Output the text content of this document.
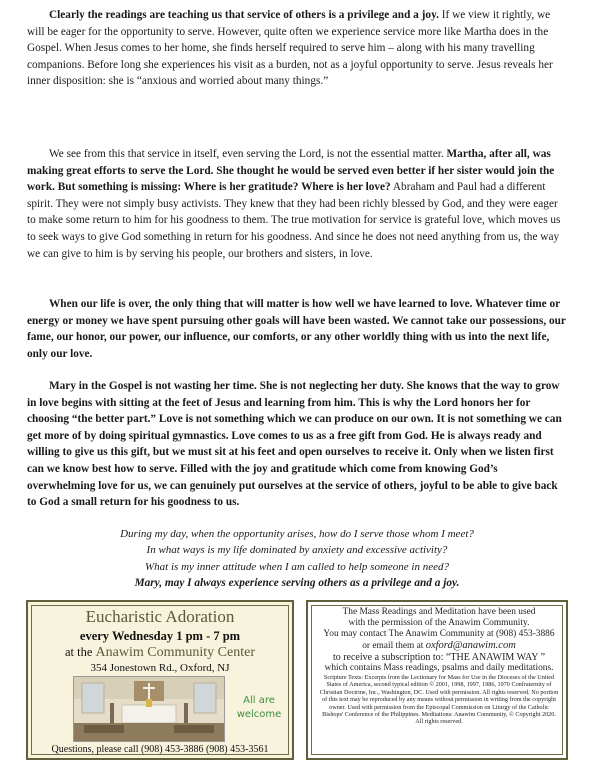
Clearly the readings are teaching us that service of others is a privilege and a joy. If we view it rightly, we will be eager for the opportunity to serve. However, quite often we experience service more like Martha does in the Gospel. When Jesus comes to her home, she finds herself required to serve him – along with his many travelling companions. Before long she experiences his visit as a burden, not as a joyful opportunity to serve. Jesus reveals her inner disposition: she is “anxious and worried about many things.”

We see from this that service in itself, even serving the Lord, is not the essential matter. Martha, after all, was making great efforts to serve the Lord. She thought he would be served even better if her sister would join the work. But something is missing: Where is her gratitude? Where is her love? Abraham and Paul had a different spirit. They were not simply busy activists. They knew that they had been richly blessed by God, and they were eager to make some return to him for his goodness to them. The true motivation for service is grateful love, which moves us to seek ways to give God something in return for his goodness. And since he does not need anything from us, the way we can give to him is by serving his people, our brothers and sisters, in love.

When our life is over, the only thing that will matter is how well we have learned to love. Whatever time or energy or money we have spent pursuing other goals will have been wasted. We cannot take our possessions, our fame, our honor, our power, our influence, our comforts, or any other worldly thing with us into the next life, only our love.

Mary in the Gospel is not wasting her time. She is not neglecting her duty. She knows that the way to grow in love begins with sitting at the feet of Jesus and learning from him. This is why the Lord honors her for choosing “the better part.” Love is not something which we can produce on our own. It is not something we can get more of by doing spiritual gymnastics. Love comes to us as a free gift from God. He is always ready and willing to give us this gift, but we must sit at his feet and open ourselves to receive it. Only when we listen first can we know best how to serve. Filled with the joy and gratitude which come from knowing God’s overwhelming love for us, we can genuinely put ourselves at the service of others, joyful to be able to give back to God a small return for his goodness to us.

During my day, when the opportunity arises, how do I serve those whom I meet?
In what ways is my life dominated by anxiety and excessive activity?
What is my inner attitude when I am called to help someone in need?
Mary, may I always experience serving others as a privilege and a joy.
Eucharistic Adoration
every Wednesday 1 pm - 7 pm
at the Anawim Community Center
354 Jonestown Rd., Oxford, NJ
All are
welcome
Questions, please call (908) 453-3886 (908) 453-3561
The Mass Readings and Meditation have been used
with the permission of the Anawim Community.
You may contact The Anawim Community at (908) 453-3886
or email them at oxford@anawim.com
to receive a subscription to: “THE ANAWIM WAY ”
which contains Mass readings, psalms and daily meditations.
Scripture Texts: Excerpts from the Lectionary for Mass for Use in the Dioceses of the United States of America, second typical edition © 2001, 1998, 1997, 1986, 1970 Confraternity of Christian Doctrine, Inc., Washington, DC. Used with permission. All rights reserved. No portion of this text may be reproduced by any means without permission in writing from the copyright owner. Used with permission from the Episcopal Commission on Liturgy of the Catholic Bishops' Conference of the Philippines. Meditations: Anawim Community, © Copyright 2020. All rights reserved.
